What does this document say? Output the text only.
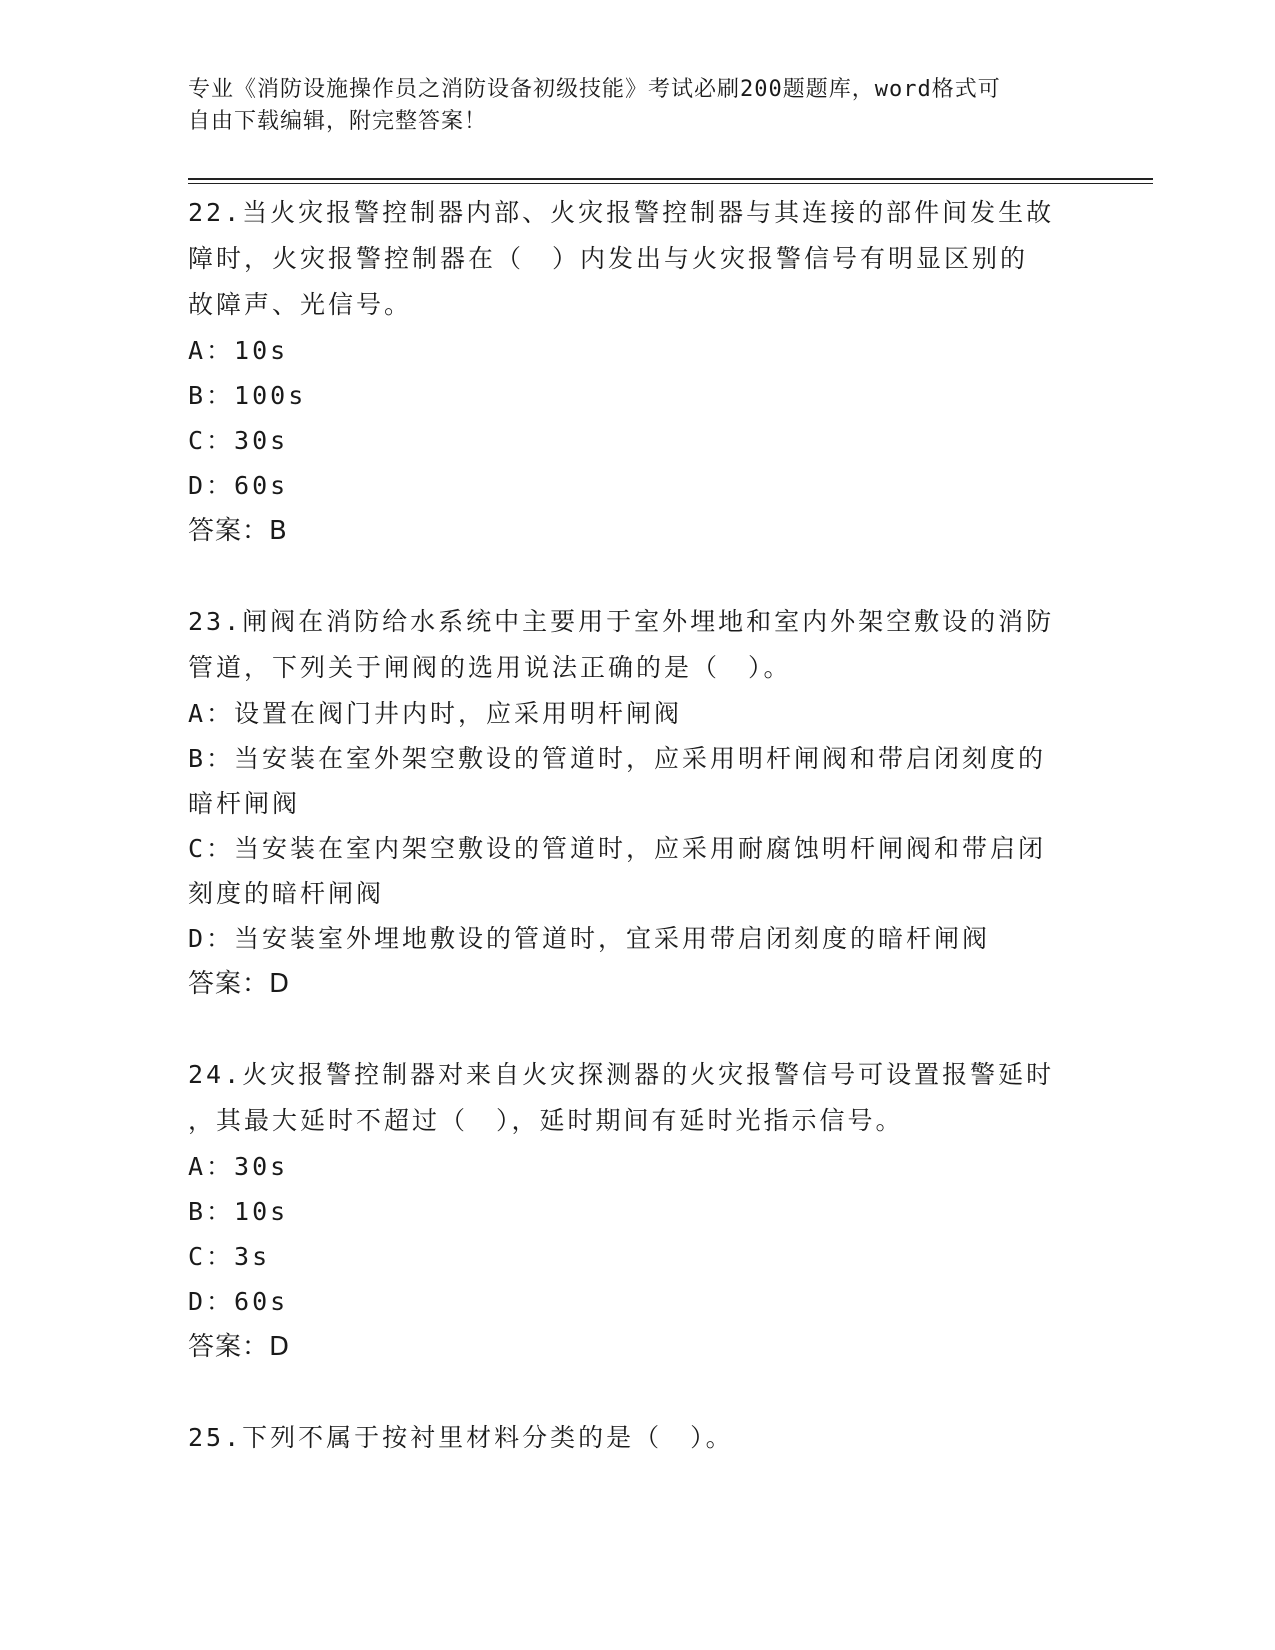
专业《消防设施操作员之消防设备初级技能》考试必刷200题题库，word格式可
自由下载编辑，附完整答案！

22.当火灾报警控制器内部、火灾报警控制器与其连接的部件间发生故

障时，火灾报警控制器在（　）内发出与火灾报警信号有明显区别的

故障声、光信号。

A：10s

B：100s

C：30s

D：60s

答案：B

23.闸阀在消防给水系统中主要用于室外埋地和室内外架空敷设的消防

管道，下列关于闸阀的选用说法正确的是（　）。

A：设置在阀门井内时，应采用明杆闸阀

B：当安装在室外架空敷设的管道时，应采用明杆闸阀和带启闭刻度的

暗杆闸阀

C：当安装在室内架空敷设的管道时，应采用耐腐蚀明杆闸阀和带启闭

刻度的暗杆闸阀

D：当安装室外埋地敷设的管道时，宜采用带启闭刻度的暗杆闸阀

答案：D

24.火灾报警控制器对来自火灾探测器的火灾报警信号可设置报警延时

，其最大延时不超过（　），延时期间有延时光指示信号。

A：30s

B：10s

C：3s

D：60s

答案：D

25.下列不属于按衬里材料分类的是（　）。
